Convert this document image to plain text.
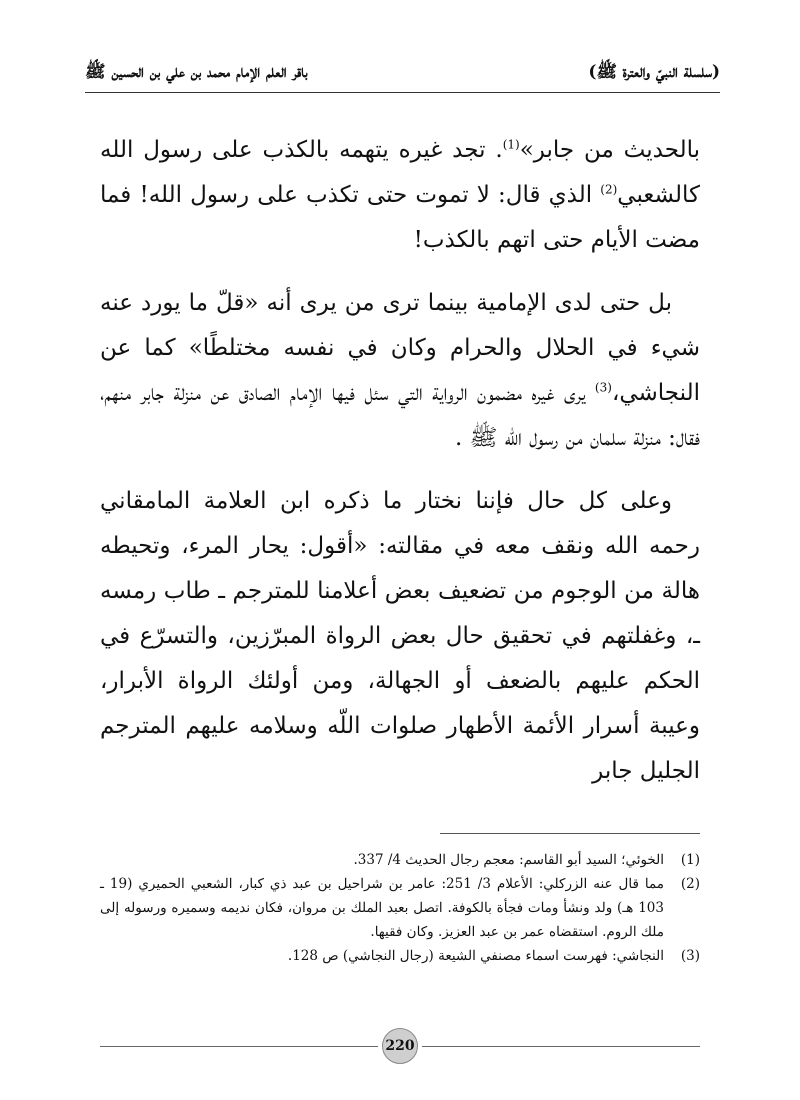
(سلسلة النبيّ والعترة ﷺ)
باقر العلم الإمام محمد بن علي بن الحسين ﷺ

بالحديث من جابر»$^{(1)}$. تجد غيره يتهمه بالكذب على رسول الله كالشعبي$^{(2)}$ الذي قال: لا تموت حتى تكذب على رسول الله! فما مضت الأيام حتى اتهم بالكذب!

بل حتى لدى الإمامية بينما ترى من يرى أنه «قلّ ما يورد عنه شيء في الحلال والحرام وكان في نفسه مختلطًا» كما عن النجاشي،$^{(3)}$ يرى غيره مضمون الرواية التي سئل فيها الإمام الصادق عن منزلة جابر منهم، فقال: منزلة سلمان من رسول الله ﷺ .

وعلى كل حال فإننا نختار ما ذكره ابن العلامة المامقاني رحمه الله ونقف معه في مقالته: «أقول: يحار المرء، وتحيطه هالة من الوجوم من تضعيف بعض أعلامنا للمترجم ـ طاب رمسه ـ، وغفلتهم في تحقيق حال بعض الرواة المبرّزين، والتسرّع في الحكم عليهم بالضعف أو الجهالة، ومن أولئك الرواة الأبرار، وعيبة أسرار الأئمة الأطهار صلوات اللّه وسلامه عليهم المترجم الجليل جابر

(1)
الخوئي؛ السيد أبو القاسم: معجم رجال الحديث 4/ 337.
(2)
مما قال عنه الزركلي: الأعلام 3/ 251: عامر بن شراحيل بن عبد ذي كبار، الشعبي الحميري (19 ـ 103 هـ) ولد ونشأ ومات فجأة بالكوفة. اتصل بعبد الملك بن مروان، فكان نديمه وسميره ورسوله إلى ملك الروم. استقضاه عمر بن عبد العزيز. وكان فقيها.
(3)
النجاشي: فهرست اسماء مصنفي الشيعة (رجال النجاشي) ص 128.
220
